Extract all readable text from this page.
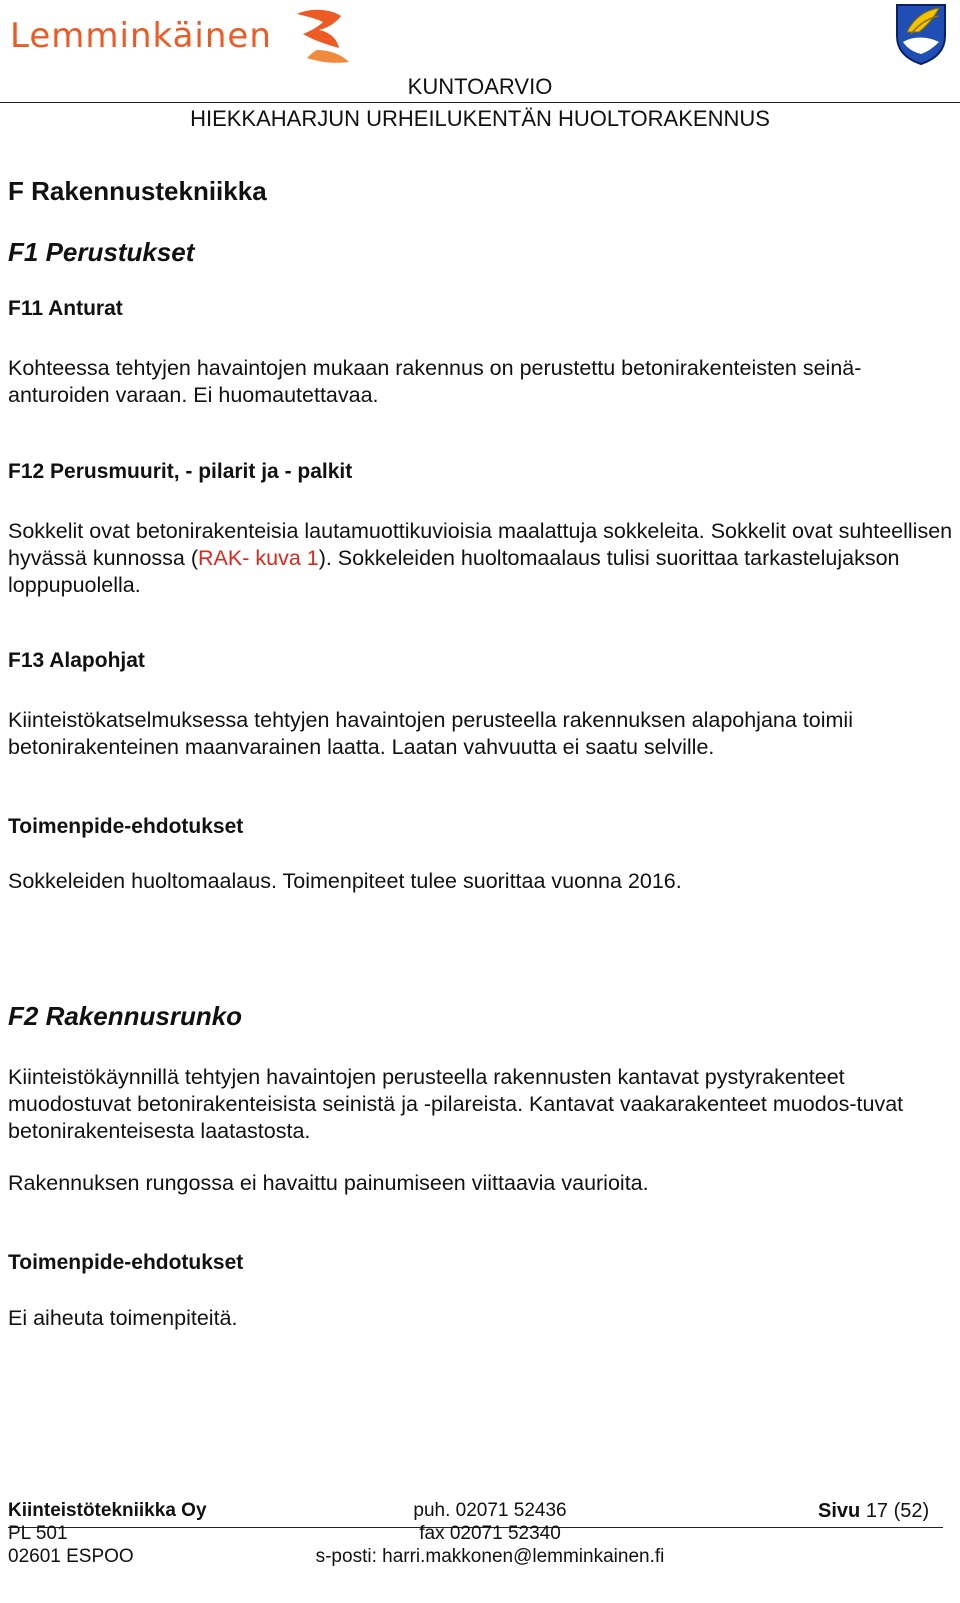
Lemminkäinen
KUNTOARVIO
HIEKKAHARJUN URHEILUKENTÄN HUOLTORAKENNUS
F Rakennustekniikka
F1 Perustukset
F11 Anturat
Kohteessa tehtyjen havaintojen mukaan rakennus on perustettu betonirakenteisten seinä-anturoiden varaan. Ei huomautettavaa.
F12 Perusmuurit, - pilarit ja - palkit
Sokkelit ovat betonirakenteisia lautamuottikuvioisia maalattuja sokkeleita. Sokkelit ovat suhteellisen hyvässä kunnossa (RAK- kuva 1). Sokkeleiden huoltomaalaus tulisi suorittaa tarkastelujakson loppupuolella.
F13 Alapohjat
Kiinteistökatselmuksessa tehtyjen havaintojen perusteella rakennuksen alapohjana toimii betonirakenteinen maanvarainen laatta. Laatan vahvuutta ei saatu selville.
Toimenpide-ehdotukset
Sokkeleiden huoltomaalaus. Toimenpiteet tulee suorittaa vuonna 2016.
F2 Rakennusrunko
Kiinteistökäynnillä tehtyjen havaintojen perusteella rakennusten kantavat pystyrakenteet muodostuvat betonirakenteisista seinistä ja -pilareista. Kantavat vaakarakenteet muodos-tuvat betonirakenteisesta laatastosta.
Rakennuksen rungossa ei havaittu painumiseen viittaavia vaurioita.
Toimenpide-ehdotukset
Ei aiheuta toimenpiteitä.
Kiinteistötekniikka Oy
PL 501
02601 ESPOO
puh. 02071 52436
fax 02071 52340
s-posti: harri.makkonen@lemminkainen.fi
Sivu 17 (52)
